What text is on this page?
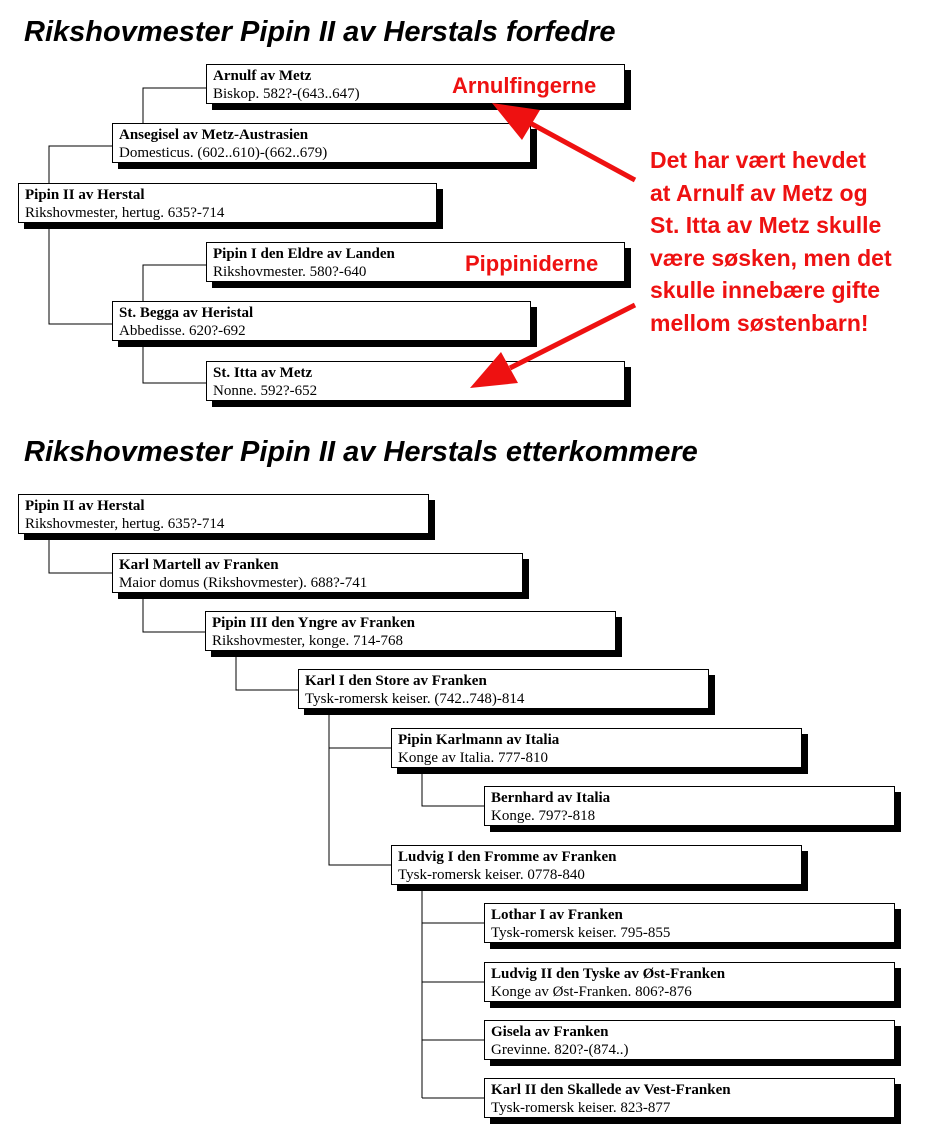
Rikshovmester Pipin II av Herstals forfedre
Arnulf av Metz
Biskop. 582?-(643..647)
Ansegisel av Metz-Austrasien
Domesticus. (602..610)-(662..679)
Pipin II av Herstal
Rikshovmester, hertug. 635?-714
Pipin I den Eldre av Landen
Rikshovmester. 580?-640
St. Begga av Heristal
Abbedisse. 620?-692
St. Itta av Metz
Nonne. 592?-652
Arnulfingerne
Pippiniderne
Det har vært hevdet
at Arnulf av Metz og
St. Itta av Metz skulle
være søsken, men det
skulle innebære gifte
mellom søstenbarn!
Rikshovmester Pipin II av Herstals etterkommere
Pipin II av Herstal
Rikshovmester, hertug. 635?-714
Karl Martell av Franken
Maior domus (Rikshovmester). 688?-741
Pipin III den Yngre av Franken
Rikshovmester, konge. 714-768
Karl I den Store av Franken
Tysk-romersk keiser. (742..748)-814
Pipin Karlmann av Italia
Konge av Italia. 777-810
Bernhard av Italia
Konge. 797?-818
Ludvig I den Fromme av Franken
Tysk-romersk keiser. 0778-840
Lothar I av Franken
Tysk-romersk keiser. 795-855
Ludvig II den Tyske av Øst-Franken
Konge av Øst-Franken. 806?-876
Gisela av Franken
Grevinne. 820?-(874..)
Karl II den Skallede av Vest-Franken
Tysk-romersk keiser. 823-877
